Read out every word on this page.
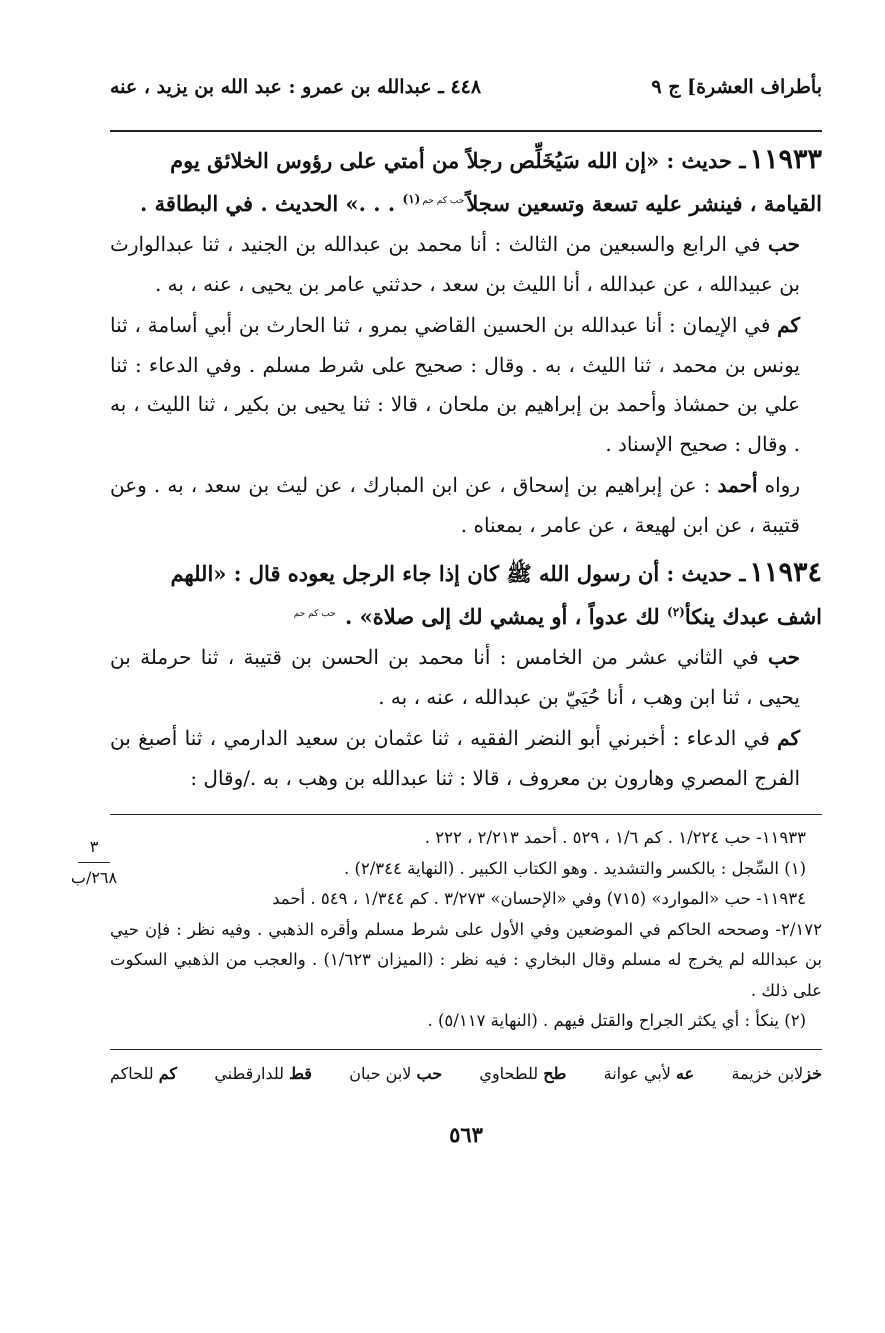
بأطراف العشرة] ج ٩
٤٤٨ ـ عبدالله بن عمرو : عبد الله بن يزيد ، عنه
١١٩٣٣ـ حديث : «إن الله سَيُخَلِّص رجلاً من أمتي على رؤوس الخلائق يوم
القيامة ، فينشر عليه تسعة وتسعين سجلاً$^{حب كم حم(١)}$ . . .» الحديث . في البطاقة .
حب في الرابع والسبعين من الثالث : أنا محمد بن عبدالله بن الجنيد ، ثنا عبدالوارث بن عبيدالله ، عن عبدالله ، أنا الليث بن سعد ، حدثني عامر بن يحيى ، عنه ، به .
كم في الإيمان : أنا عبدالله بن الحسين القاضي بمرو ، ثنا الحارث بن أبي أسامة ، ثنا يونس بن محمد ، ثنا الليث ، به . وقال : صحيح على شرط مسلم . وفي الدعاء : ثنا علي بن حمشاذ وأحمد بن إبراهيم بن ملحان ، قالا : ثنا يحيى بن بكير ، ثنا الليث ، به . وقال : صحيح الإسناد .
رواه أحمد : عن إبراهيم بن إسحاق ، عن ابن المبارك ، عن ليث بن سعد ، به . وعن قتيبة ، عن ابن لهيعة ، عن عامر ، بمعناه .
١١٩٣٤ـ حديث : أن رسول الله ﷺ كان إذا جاء الرجل يعوده قال : «اللهم
اشف عبدك ينكأ$^{(٢)}$ لك عدواً ، أو يمشي لك إلى صلاة» . $^{حب كم حم}$
حب في الثاني عشر من الخامس : أنا محمد بن الحسن بن قتيبة ، ثنا حرملة بن يحيى ، ثنا ابن وهب ، أنا حُيَيّ بن عبدالله ، عنه ، به .
كم في الدعاء : أخبرني أبو النضر الفقيه ، ثنا عثمان بن سعيد الدارمي ، ثنا أصبغ بن الفرج المصري وهارون بن معروف ، قالا : ثنا عبدالله بن وهب ، به ./وقال :
١١٩٣٣- حب ١/٢٢٤ . كم ١/٦ ، ٥٢٩ . أحمد ٢/٢١٣ ، ٢٢٢ .
(١) السِّجل : بالكسر والتشديد . وهو الكتاب الكبير . (النهاية ٢/٣٤٤) .
١١٩٣٤- حب «الموارد» (٧١٥) وفي «الإحسان» ٣/٢٧٣ . كم ١/٣٤٤ ، ٥٤٩ . أحمد
٢/١٧٢- وصححه الحاكم في الموضعين وفي الأول على شرط مسلم وأقره الذهبي . وفيه نظر : فإن حيي بن عبدالله لم يخرج له مسلم وقال البخاري : فيه نظر : (الميزان ١/٦٢٣) . والعجب من الذهبي السكوت على ذلك .
(٢) ينكأ : أي يكثر الجراح والقتل فيهم . (النهاية ٥/١١٧) .
خزلابن خزيمة
عه لأبي عوانة
طح للطحاوي
حب لابن حبان
قط للدارقطني
كم للحاكم
٥٦٣
٣
٢٦٨/ب
